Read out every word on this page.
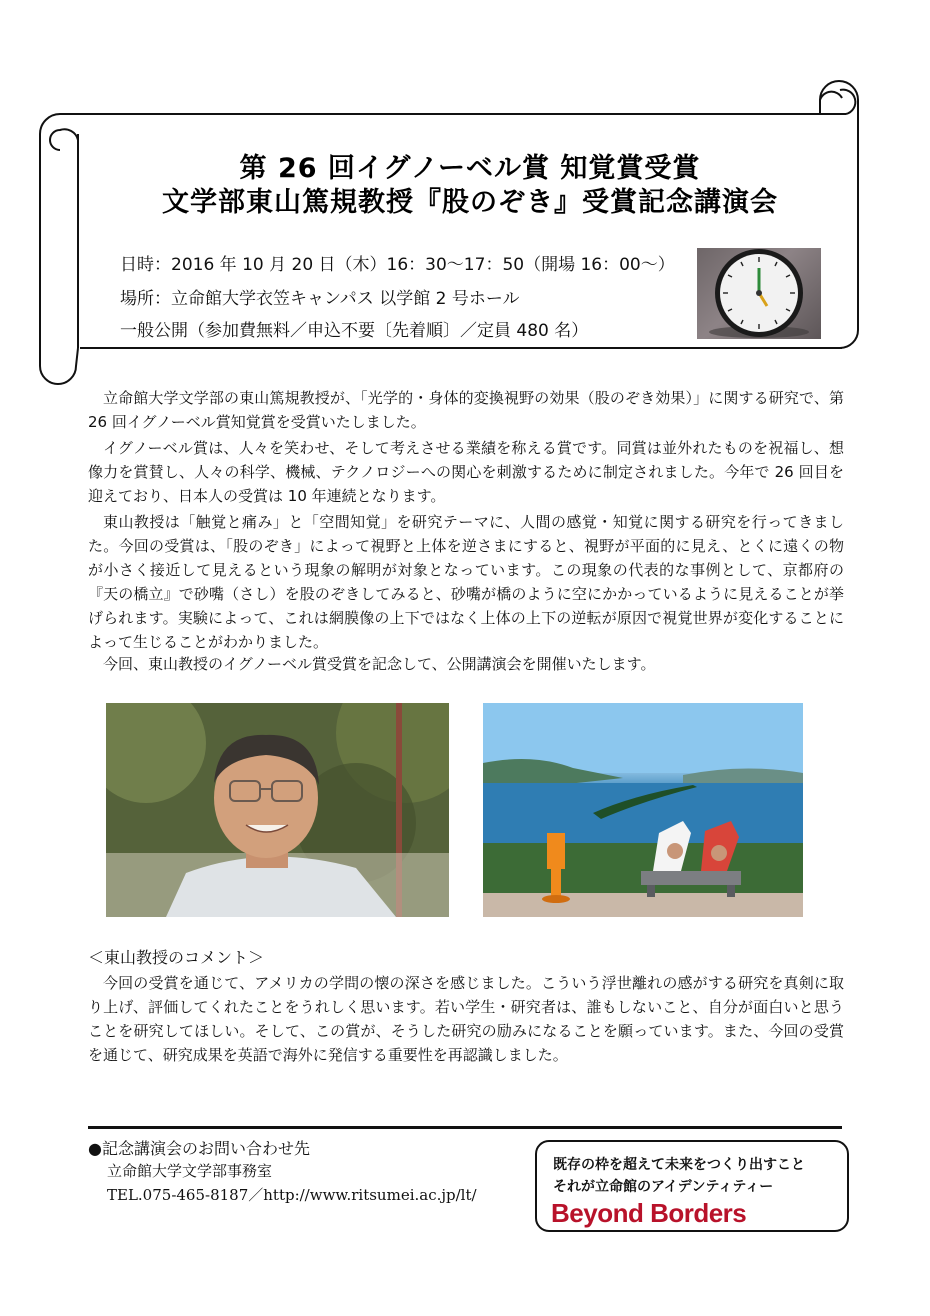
第 26 回イグノーベル賞 知覚賞受賞
文学部東山篤規教授『股のぞき』受賞記念講演会
日時：2016 年 10 月 20 日（木）16：30〜17：50（開場 16：00〜）
場所：立命館大学衣笠キャンパス 以学館 2 号ホール
一般公開（参加費無料／申込不要〔先着順〕／定員 480 名）

立命館大学文学部の東山篤規教授が、「光学的・身体的変換視野の効果（股のぞき効果）」に関する研究で、第 26 回イグノーベル賞知覚賞を受賞いたしました。

イグノーベル賞は、人々を笑わせ、そして考えさせる業績を称える賞です。同賞は並外れたものを祝福し、想像力を賞賛し、人々の科学、機械、テクノロジーへの関心を刺激するために制定されました。今年で 26 回目を迎えており、日本人の受賞は 10 年連続となります。

東山教授は「触覚と痛み」と「空間知覚」を研究テーマに、人間の感覚・知覚に関する研究を行ってきました。今回の受賞は、「股のぞき」によって視野と上体を逆さまにすると、視野が平面的に見え、とくに遠くの物が小さく接近して見えるという現象の解明が対象となっています。この現象の代表的な事例として、京都府の『天の橋立』で砂嘴（さし）を股のぞきしてみると、砂嘴が橋のように空にかかっているように見えることが挙げられます。実験によって、これは網膜像の上下ではなく上体の上下の逆転が原因で視覚世界が変化することによって生じることがわかりました。

今回、東山教授のイグノーベル賞受賞を記念して、公開講演会を開催いたします。

＜東山教授のコメント＞

今回の受賞を通じて、アメリカの学問の懐の深さを感じました。こういう浮世離れの感がする研究を真剣に取り上げ、評価してくれたことをうれしく思います。若い学生・研究者は、誰もしないこと、自分が面白いと思うことを研究してほしい。そして、この賞が、そうした研究の励みになることを願っています。また、今回の受賞を通じて、研究成果を英語で海外に発信する重要性を再認識しました。

●記念講演会のお問い合わせ先
立命館大学文学部事務室
TEL.075-465-8187／http://www.ritsumei.ac.jp/lt/
既存の枠を超えて未来をつくり出すこと
それが立命館のアイデンティティー
Beyond Borders
